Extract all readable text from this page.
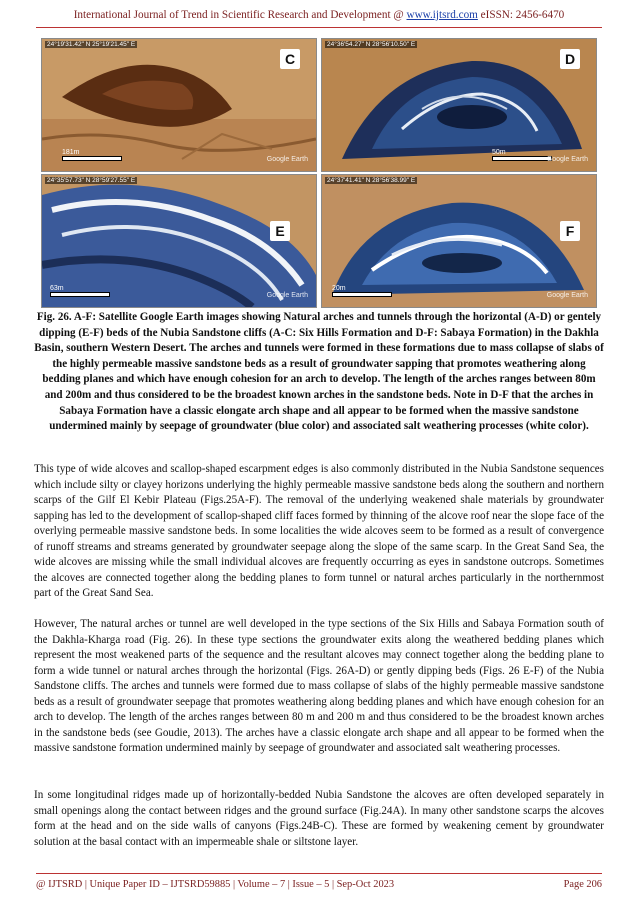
International Journal of Trend in Scientific Research and Development @ www.ijtsrd.com eISSN: 2456-6470
24°19'31.42" N 25°19'21.45" E
C
181m
Google Earth
24°36'54.27" N 28°56'10.50" E
D
50m
Google Earth
24°35'57.73" N 28°59'27.55" E
E
63m
Google Earth
24°37'41.41" N 28°56'38.99" E
F
20m
Google Earth
Fig. 26. A-F: Satellite Google Earth images showing Natural arches and tunnels through the horizontal (A-D) or gentely dipping (E-F) beds of the Nubia Sandstone cliffs (A-C: Six Hills Formation and D-F: Sabaya Formation) in the Dakhla Basin, southern Western Desert. The arches and tunnels were formed in these formations due to mass collapse of slabs of the highly permeable massive sandstone beds as a result of groundwater sapping that promotes weathering along bedding planes and which have enough cohesion for an arch to develop. The length of the arches ranges between 80m and 200m and thus considered to be the broadest known arches in the sandstone beds. Note in D-F that the arches in Sabaya Formation have a classic elongate arch shape and all appear to be formed when the massive sandstone undermined mainly by seepage of groundwater (blue color) and associated salt weathering processes (white color).
This type of wide alcoves and scallop-shaped escarpment edges is also commonly distributed in the Nubia Sandstone sequences which include silty or clayey horizons underlying the highly permeable massive sandstone beds along the southern and northern scarps of the Gilf El Kebir Plateau (Figs.25A-F). The removal of the underlying weakened shale materials by groundwater sapping has led to the development of scallop-shaped cliff faces formed by thinning of the alcove roof near the slope face of the overlying permeable massive sandstone beds. In some localities the wide alcoves seem to be formed as a result of convergence of runoff streams and streams generated by groundwater seepage along the slope of the same scarp. In the Great Sand Sea, the wide alcoves are missing while the small individual alcoves are frequently occurring as eyes in sandstone outcrops. Sometimes the alcoves are connected together along the bedding planes to form tunnel or natural arches particularly in the northernmost part of the Great Sand Sea.
However, The natural arches or tunnel are well developed in the type sections of the Six Hills and Sabaya Formation south of the Dakhla-Kharga road (Fig. 26). In these type sections the groundwater exits along the weathered bedding planes which represent the most weakened parts of the sequence and the resultant alcoves may connect together along the bedding plane to form a wide tunnel or natural arches through the horizontal (Figs. 26A-D) or gently dipping beds (Figs. 26 E-F) of the Nubia Sandstone cliffs. The arches and tunnels were formed due to mass collapse of slabs of the highly permeable massive sandstone beds as a result of groundwater seepage that promotes weathering along bedding planes and which have enough cohesion for an arch to develop. The length of the arches ranges between 80 m and 200 m and thus considered to be the broadest known arches in the sandstone beds (see Goudie, 2013). The arches have a classic elongate arch shape and all appear to be formed when the massive sandstone formation undermined mainly by seepage of groundwater and associated salt weathering processes.
In some longitudinal ridges made up of horizontally-bedded Nubia Sandstone the alcoves are often developed separately in small openings along the contact between ridges and the ground surface (Fig.24A). In many other sandstone scarps the alcoves form at the head and on the side walls of canyons (Figs.24B-C). These are formed by weakening cement by groundwater solution at the basal contact with an impermeable shale or siltstone layer.
@ IJTSRD | Unique Paper ID – IJTSRD59885 | Volume – 7 | Issue – 5 | Sep-Oct 2023	Page 206
